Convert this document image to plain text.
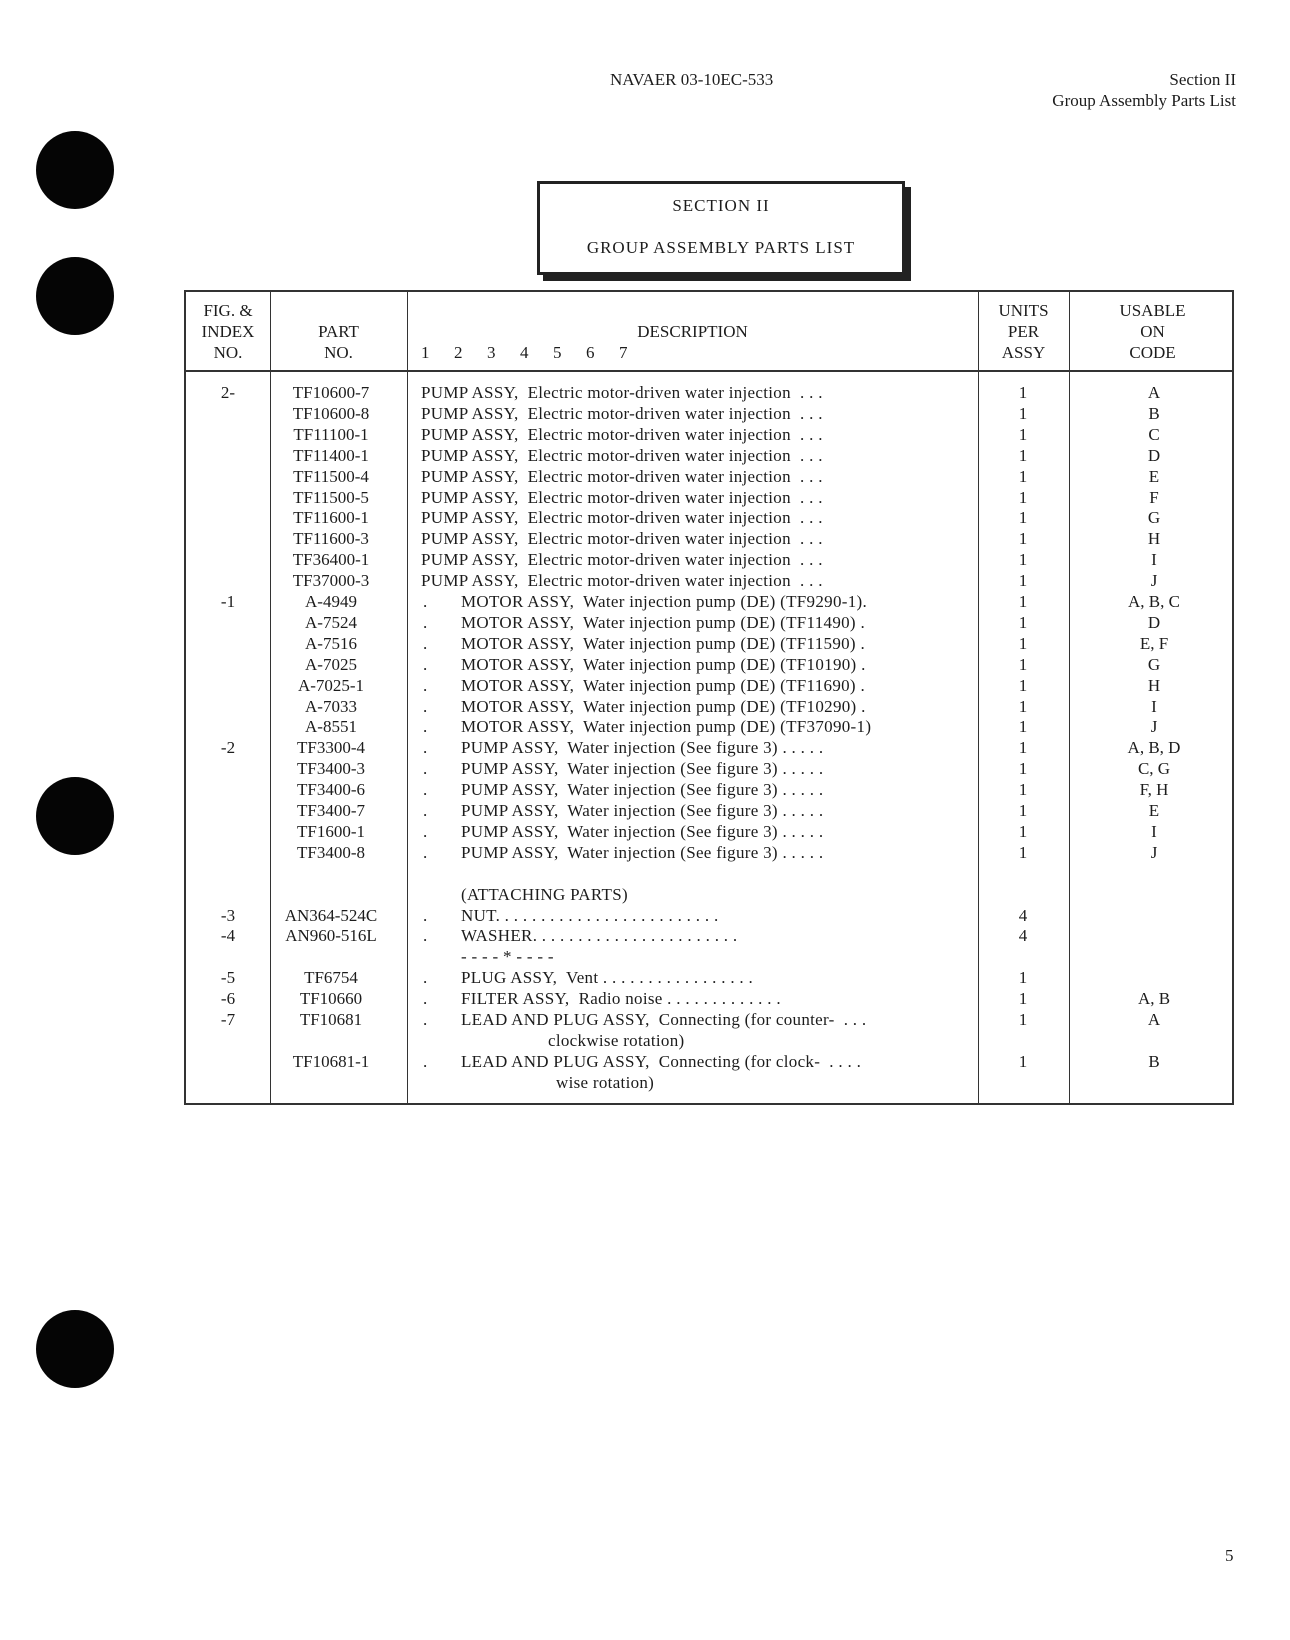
NAVAER 03-10EC-533	Section II
Group Assembly Parts List
SECTION II
GROUP ASSEMBLY PARTS LIST
FIG. &
INDEX
NO.
PART
NO.
DESCRIPTION
1  2  3  4  5  6  7
UNITS
PER
ASSY
USABLE
ON
CODE
2-	TF10600-7	PUMP ASSY,  Electric motor-driven water injection  . . .	1	A
TF10600-8	PUMP ASSY,  Electric motor-driven water injection  . . .	1	B
TF11100-1	PUMP ASSY,  Electric motor-driven water injection  . . .	1	C
TF11400-1	PUMP ASSY,  Electric motor-driven water injection  . . .	1	D
TF11500-4	PUMP ASSY,  Electric motor-driven water injection  . . .	1	E
TF11500-5	PUMP ASSY,  Electric motor-driven water injection  . . .	1	F
TF11600-1	PUMP ASSY,  Electric motor-driven water injection  . . .	1	G
TF11600-3	PUMP ASSY,  Electric motor-driven water injection  . . .	1	H
TF36400-1	PUMP ASSY,  Electric motor-driven water injection  . . .	1	I
TF37000-3	PUMP ASSY,  Electric motor-driven water injection  . . .	1	J
-1	A-4949	. MOTOR ASSY,  Water injection pump (DE) (TF9290-1).	1	A, B, C
A-7524	. MOTOR ASSY,  Water injection pump (DE) (TF11490) .	1	D
A-7516	. MOTOR ASSY,  Water injection pump (DE) (TF11590) .	1	E, F
A-7025	. MOTOR ASSY,  Water injection pump (DE) (TF10190) .	1	G
A-7025-1	. MOTOR ASSY,  Water injection pump (DE) (TF11690) .	1	H
A-7033	. MOTOR ASSY,  Water injection pump (DE) (TF10290) .	1	I
A-8551	. MOTOR ASSY,  Water injection pump (DE) (TF37090-1)	1	J
-2	TF3300-4	. PUMP ASSY,  Water injection (See figure 3) . . . . .	1	A, B, D
TF3400-3	. PUMP ASSY,  Water injection (See figure 3) . . . . .	1	C, G
TF3400-6	. PUMP ASSY,  Water injection (See figure 3) . . . . .	1	F, H
TF3400-7	. PUMP ASSY,  Water injection (See figure 3) . . . . .	1	E
TF1600-1	. PUMP ASSY,  Water injection (See figure 3) . . . . .	1	I
TF3400-8	. PUMP ASSY,  Water injection (See figure 3) . . . . .	1	J
(ATTACHING PARTS)
-3	AN364-524C	. NUT. . . . . . . . . . . . . . . . . . . . . . . . .	4
-4	AN960-516L	. WASHER. . . . . . . . . . . . . . . . . . . . . . .	4
- - - - * - - - -
-5	TF6754	. PLUG ASSY,  Vent . . . . . . . . . . . . . . . . .	1
-6	TF10660	. FILTER ASSY,  Radio noise . . . . . . . . . . . . .	1	A, B
-7	TF10681	. LEAD AND PLUG ASSY,  Connecting (for counter-  . . .	1	A
clockwise rotation)
TF10681-1	. LEAD AND PLUG ASSY,  Connecting (for clock-  . . . .	1	B
wise rotation)
5
